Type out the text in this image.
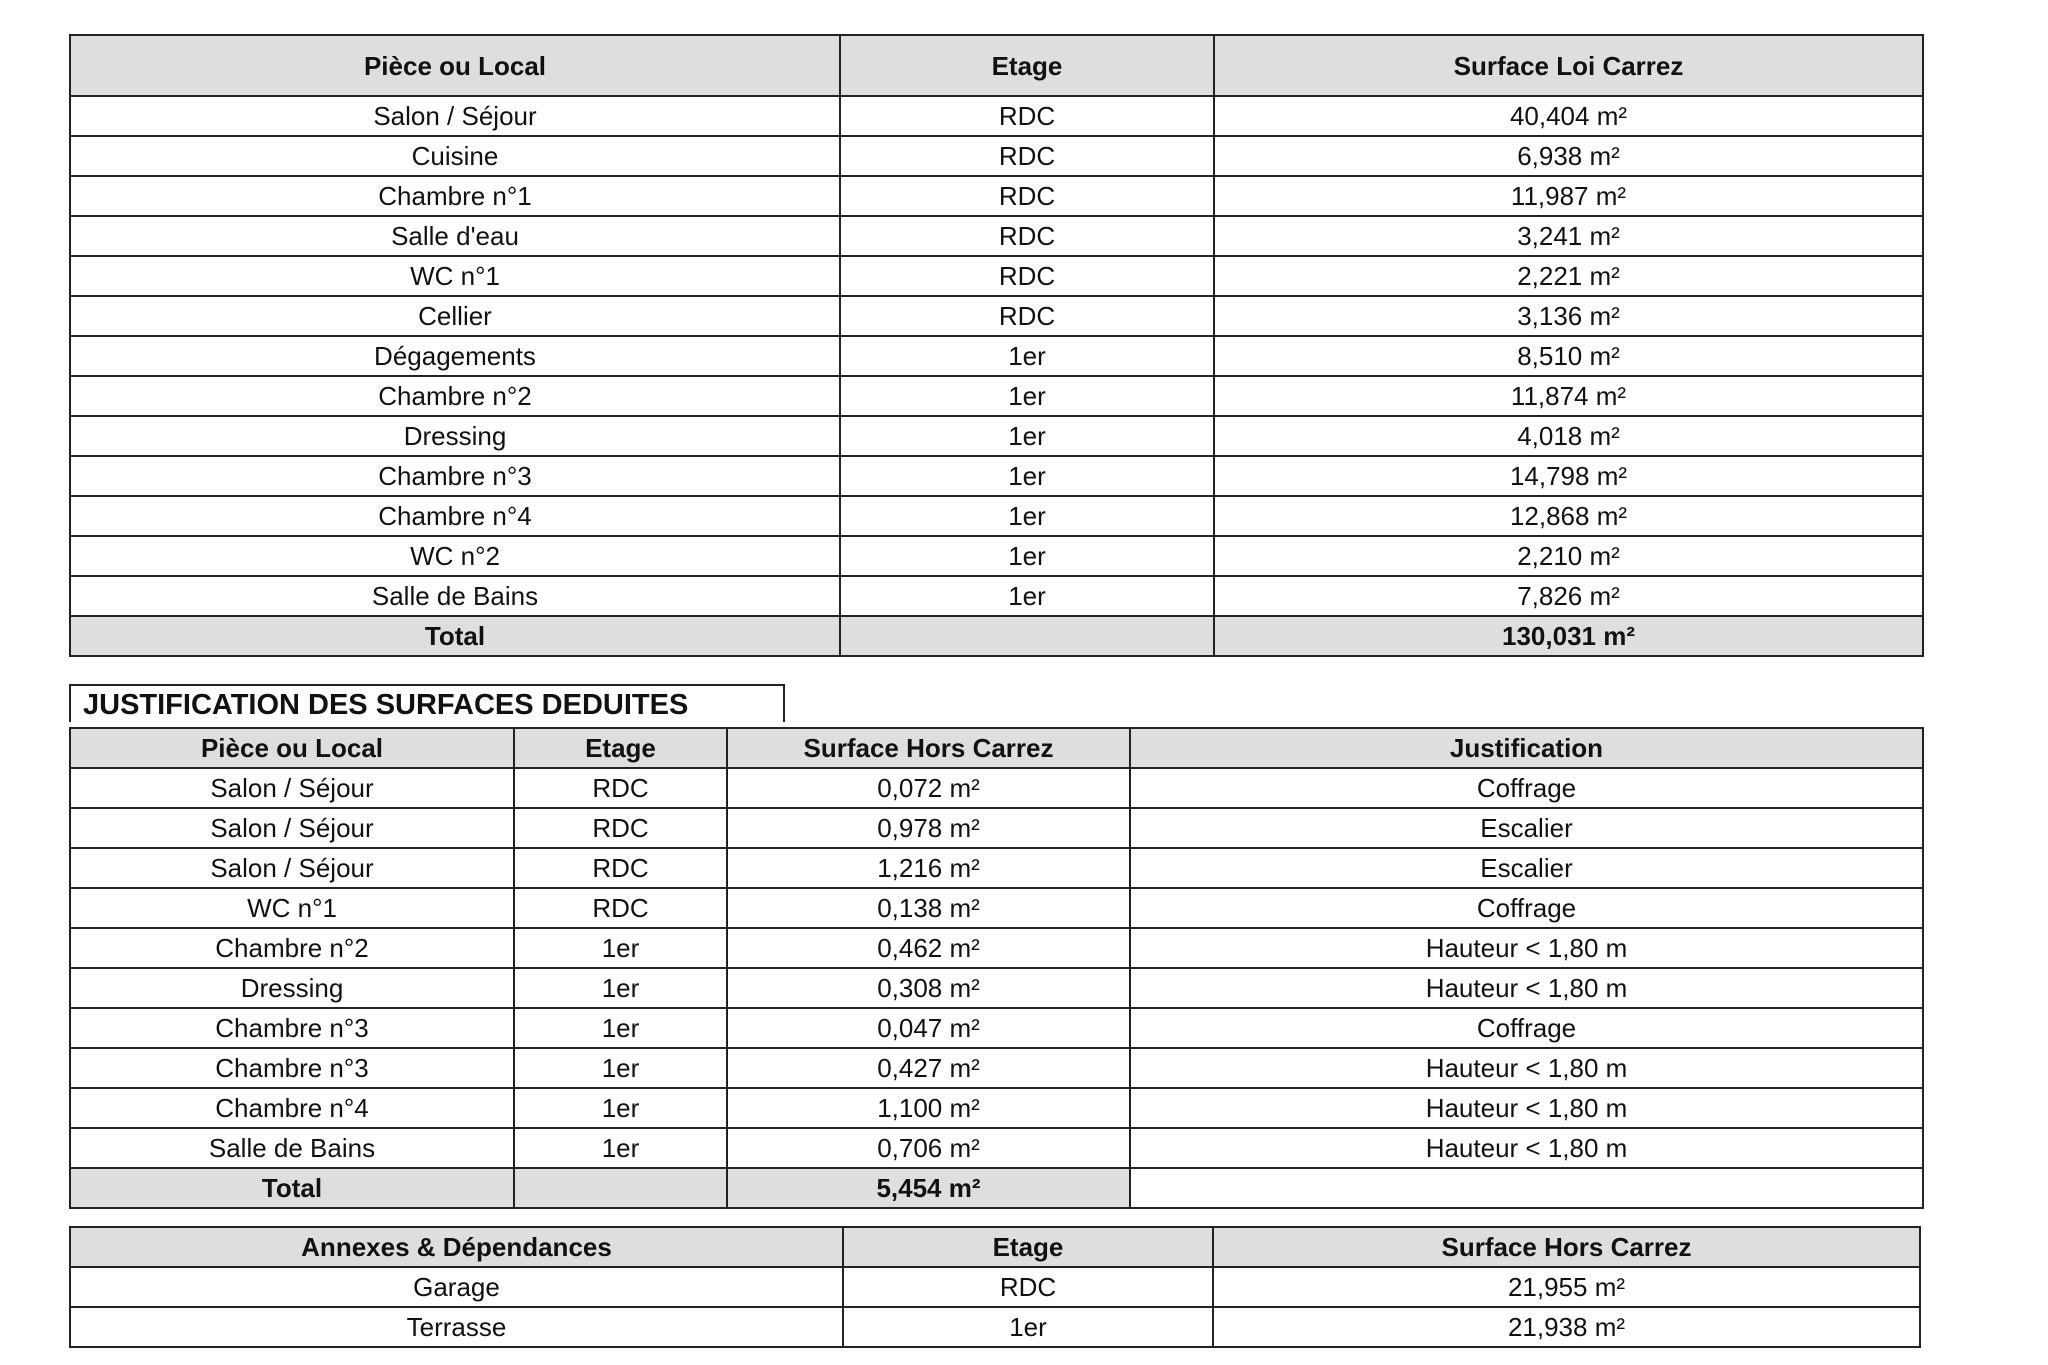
Pièce ou Local	Etage	Surface Loi Carrez
Salon / Séjour	RDC	40,404 m²
Cuisine	RDC	6,938 m²
Chambre n°1	RDC	11,987 m²
Salle d'eau	RDC	3,241 m²
WC n°1	RDC	2,221 m²
Cellier	RDC	3,136 m²
Dégagements	1er	8,510 m²
Chambre n°2	1er	11,874 m²
Dressing	1er	4,018 m²
Chambre n°3	1er	14,798 m²
Chambre n°4	1er	12,868 m²
WC n°2	1er	2,210 m²
Salle de Bains	1er	7,826 m²
Total		130,031 m²
JUSTIFICATION DES SURFACES DEDUITES
Pièce ou Local	Etage	Surface Hors Carrez	Justification
Salon / Séjour	RDC	0,072 m²	Coffrage
Salon / Séjour	RDC	0,978 m²	Escalier
Salon / Séjour	RDC	1,216 m²	Escalier
WC n°1	RDC	0,138 m²	Coffrage
Chambre n°2	1er	0,462 m²	Hauteur < 1,80 m
Dressing	1er	0,308 m²	Hauteur < 1,80 m
Chambre n°3	1er	0,047 m²	Coffrage
Chambre n°3	1er	0,427 m²	Hauteur < 1,80 m
Chambre n°4	1er	1,100 m²	Hauteur < 1,80 m
Salle de Bains	1er	0,706 m²	Hauteur < 1,80 m
Total		5,454 m²	
Annexes & Dépendances	Etage	Surface Hors Carrez
Garage	RDC	21,955 m²
Terrasse	1er	21,938 m²
